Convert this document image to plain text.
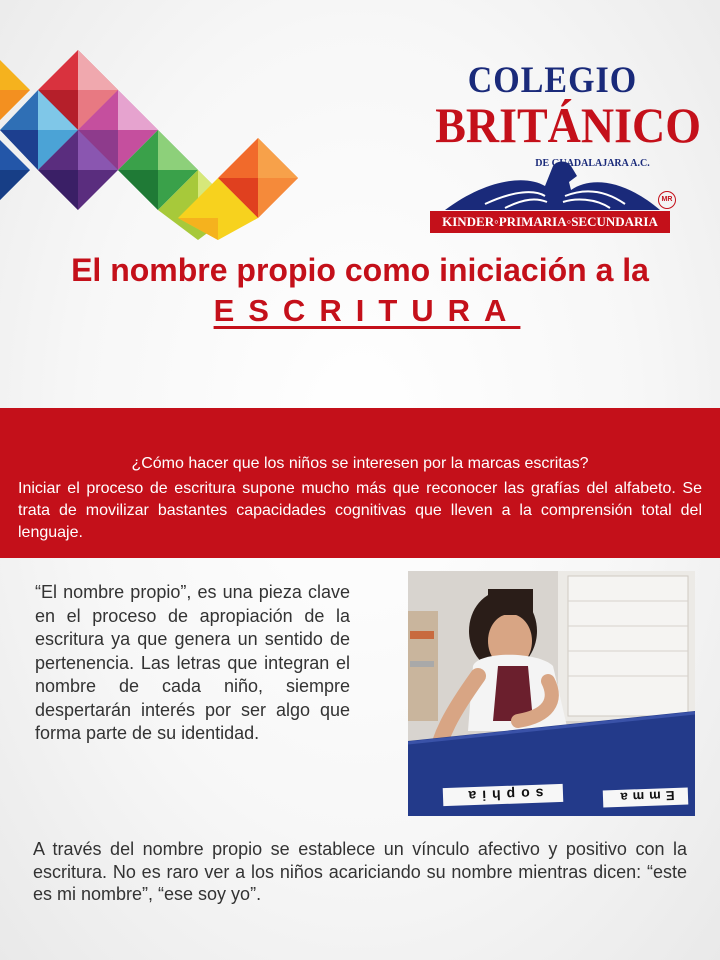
COLEGIO
BRITÁNICO
DE GUADALAJARA A.C.
MR
KINDER◦PRIMARIA◦SECUNDARIA
El nombre propio como iniciación a la
ESCRITURA
¿Cómo hacer que los niños se interesen por la marcas escritas?
Iniciar el proceso de escritura supone mucho más que reconocer las grafías del alfabeto. Se trata de movilizar bastantes capacidades cognitivas que lleven a la comprensión total del lenguaje.
“El nombre propio”, es una pieza clave en el proceso de apropiación de la escritura ya que genera un sentido de pertenencia. Las letras que integran el nombre de cada niño, siempre despertarán interés por ser algo que forma parte de su identidad.
sophia	Emma
A través del nombre propio se establece un vínculo afectivo y positivo con la escritura. No es raro ver a los niños acariciando su nombre mientras dicen: “este es mi nombre”, “ese soy yo”.
